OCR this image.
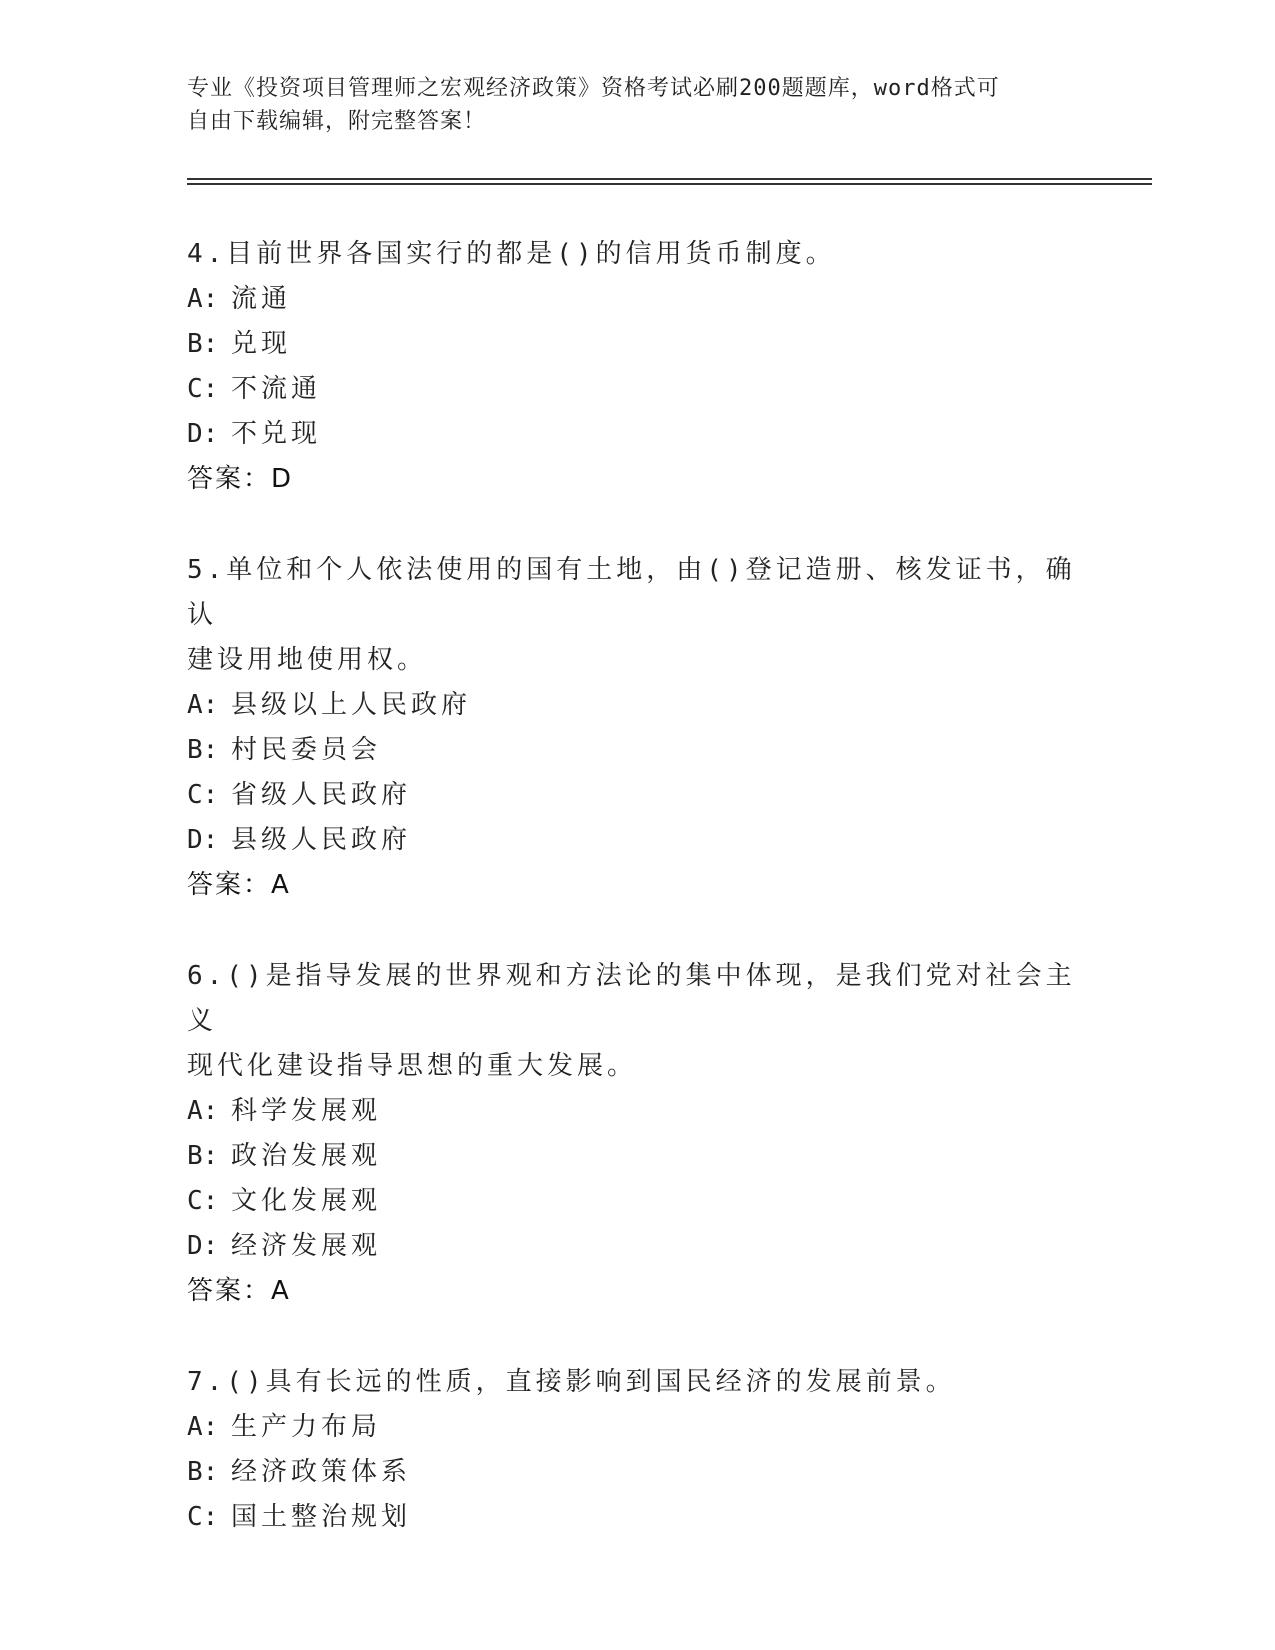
专业《投资项目管理师之宏观经济政策》资格考试必刷200题题库，word格式可
自由下载编辑，附完整答案！
4.目前世界各国实行的都是()的信用货币制度。
A: 流通
B: 兑现
C: 不流通
D: 不兑现
答案：D
5.单位和个人依法使用的国有土地，由()登记造册、核发证书，确认
建设用地使用权。
A: 县级以上人民政府
B: 村民委员会
C: 省级人民政府
D: 县级人民政府
答案：A
6.()是指导发展的世界观和方法论的集中体现，是我们党对社会主义
现代化建设指导思想的重大发展。
A: 科学发展观
B: 政治发展观
C: 文化发展观
D: 经济发展观
答案：A
7.()具有长远的性质，直接影响到国民经济的发展前景。
A: 生产力布局
B: 经济政策体系
C: 国土整治规划
